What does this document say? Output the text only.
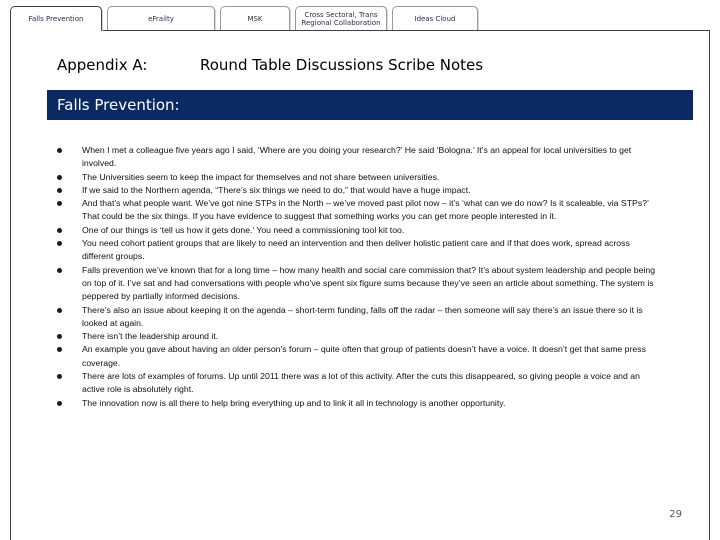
Falls Prevention	eFrailty	MSK	Cross Sectoral, Trans Regional Collaboration	Ideas Cloud
Appendix A:	Round Table Discussions Scribe Notes
Falls Prevention:
When I met a colleague five years ago I said, ‘Where are you doing your research?’ He said ‘Bologna.’ It’s an appeal for local universities to get involved.
The Universities seem to keep the impact for themselves and not share between universities.
If we said to the Northern agenda, “There’s six things we need to do,” that would have a huge impact.
And that’s what people want. We’ve got nine STPs in the North – we’ve moved past pilot now – it’s ‘what can we do now? Is it scaleable, via STPs?’ That could be the six things. If you have evidence to suggest that something works you can get more people interested in it.
One of our things is ‘tell us how it gets done.’ You need a commissioning tool kit too.
You need cohort patient groups that are likely to need an intervention and then deliver holistic patient care and if that does work, spread across different groups.
Falls prevention we’ve known that for a long time – how many health and social care commission that? It’s about system leadership and people being on top of it. I’ve sat and had conversations with people who’ve spent six figure sums because they’ve seen an article about something. The system is peppered by partially informed decisions.
There’s also an issue about keeping it on the agenda – short-term funding, falls off the radar – then someone will say there’s an issue there so it is looked at again.
There isn’t the leadership around it.
An example you gave about having an older person’s forum – quite often that group of patients doesn’t have a voice. It doesn’t get that same press coverage.
There are lots of examples of forums. Up until 2011 there was a lot of this activity. After the cuts this disappeared, so giving people a voice and an active role is absolutely right.
The innovation now is all there to help bring everything up and to link it all in technology is another opportunity.
29
